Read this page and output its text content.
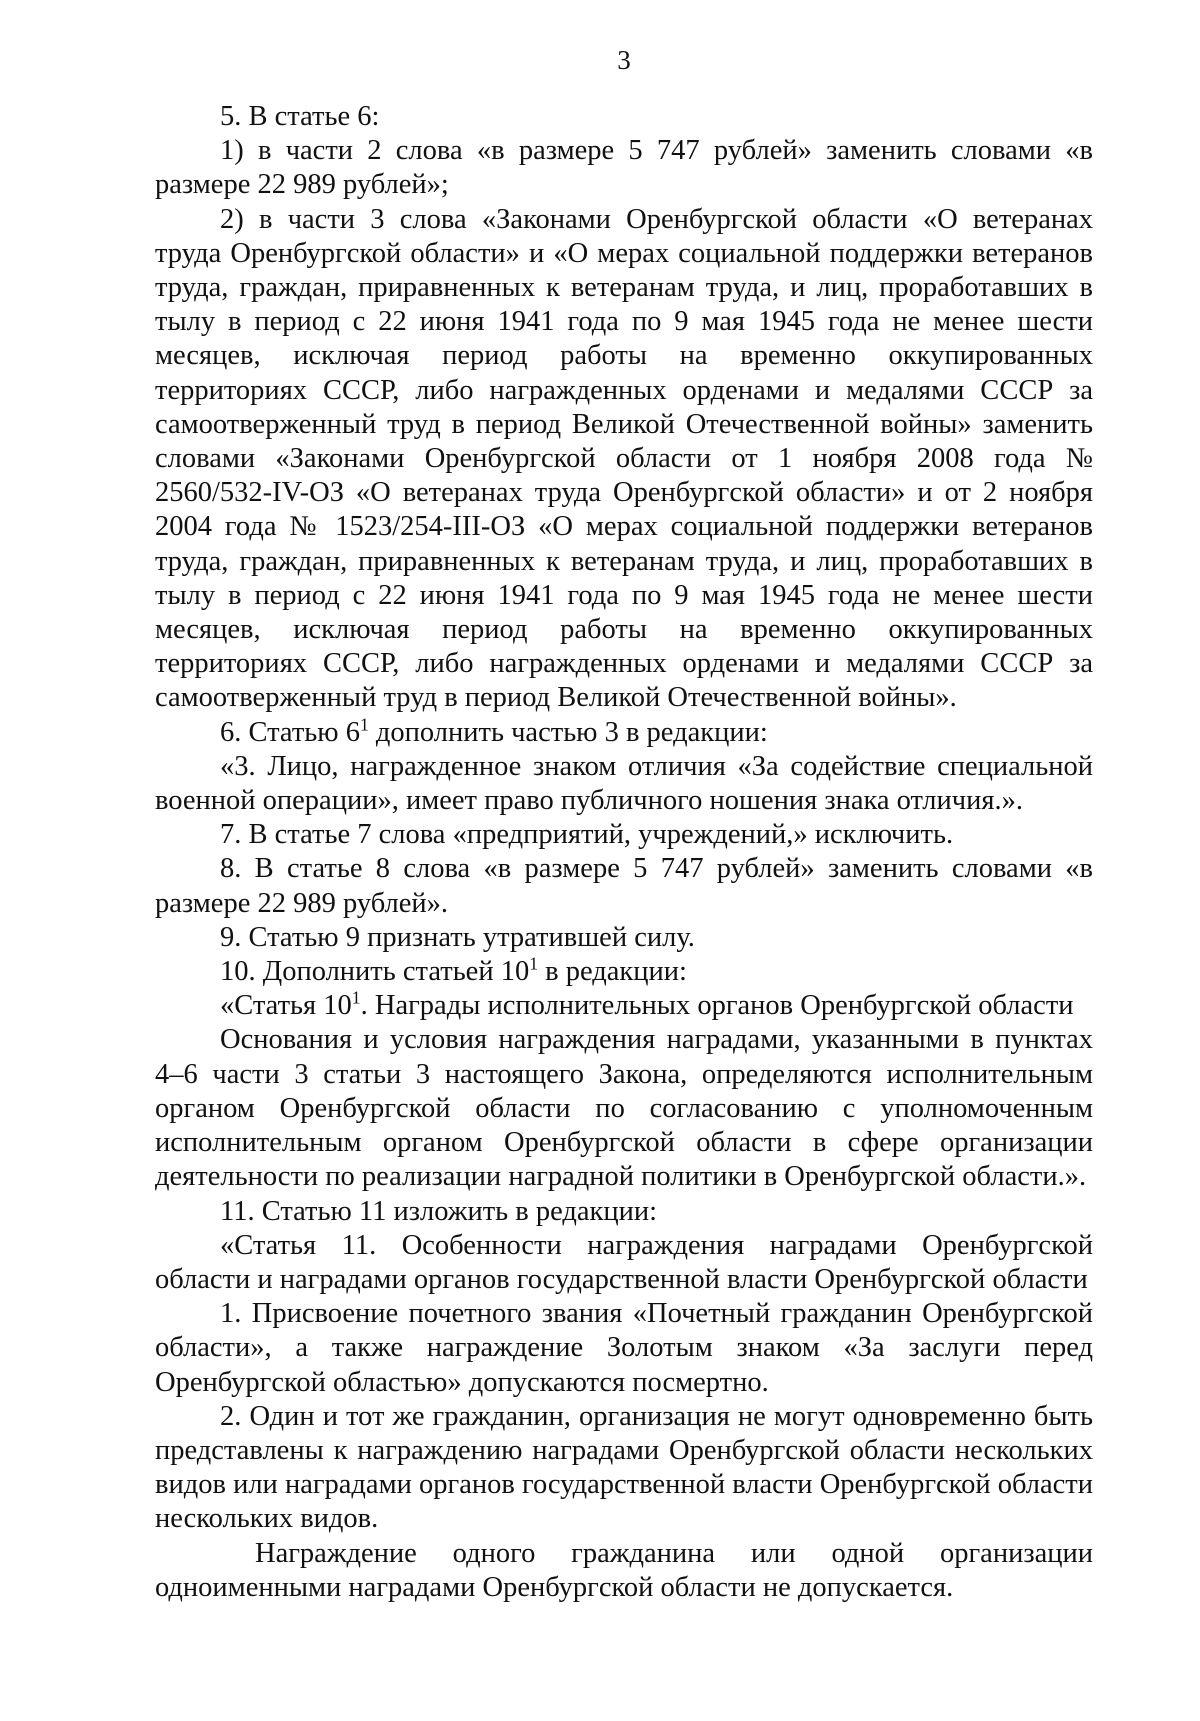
3

5. В статье 6:

1) в части 2 слова «в размере 5 747 рублей» заменить словами «в размере 22 989 рублей»;

2) в части 3 слова «Законами Оренбургской области «О ветеранах труда Оренбургской области» и «О мерах социальной поддержки ветеранов труда, граждан, приравненных к ветеранам труда, и лиц, проработавших в тылу в период с 22 июня 1941 года по 9 мая 1945 года не менее шести месяцев, исключая период работы на временно оккупированных территориях СССР, либо награжденных орденами и медалями СССР за самоотверженный труд в период Великой Отечественной войны» заменить словами «Законами Оренбургской области от 1 ноября 2008 года № 2560/532-IV-ОЗ «О ветеранах труда Оренбургской области» и от 2 ноября 2004 года № 1523/254-III-ОЗ «О мерах социальной поддержки ветеранов труда, граждан, приравненных к ветеранам труда, и лиц, проработавших в тылу в период с 22 июня 1941 года по 9 мая 1945 года не менее шести месяцев, исключая период работы на временно оккупированных территориях СССР, либо награжденных орденами и медалями СССР за самоотверженный труд в период Великой Отечественной войны».

6. Статью $6^1$ дополнить частью 3 в редакции:

«3. Лицо, награжденное знаком отличия «За содействие специальной военной операции», имеет право публичного ношения знака отличия.».

7. В статье 7 слова «предприятий, учреждений,» исключить.

8. В статье 8 слова «в размере 5 747 рублей» заменить словами «в размере 22 989 рублей».

9. Статью 9 признать утратившей силу.

10. Дополнить статьей $10^1$ в редакции:

«Статья $10^1$. Награды исполнительных органов Оренбургской области

Основания и условия награждения наградами, указанными в пунктах 4–6 части 3 статьи 3 настоящего Закона, определяются исполнительным органом Оренбургской области по согласованию с уполномоченным исполнительным органом Оренбургской области в сфере организации деятельности по реализации наградной политики в Оренбургской области.».

11. Статью 11 изложить в редакции:

«Статья 11. Особенности награждения наградами Оренбургской области и наградами органов государственной власти Оренбургской области

1. Присвоение почетного звания «Почетный гражданин Оренбургской области», а также награждение Золотым знаком «За заслуги перед Оренбургской областью» допускаются посмертно.

2. Один и тот же гражданин, организация не могут одновременно быть представлены к награждению наградами Оренбургской области нескольких видов или наградами органов государственной власти Оренбургской области нескольких видов.

Награждение одного гражданина или одной организации одноименными наградами Оренбургской области не допускается.
